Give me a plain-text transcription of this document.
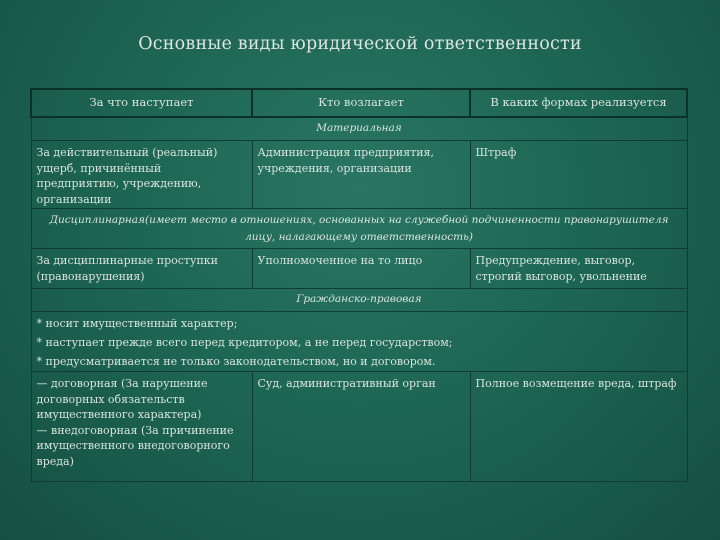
Основные виды юридической ответственности
За что наступает	Кто возлагает	В каких формах реализуется
Материальная		
За действительный (реальный) ущерб, причинённый предприятию, учреждению, организации	Администрация предприятия, учреждения, организации	Штраф
Дисциплинарная(имеет место в отношениях, основанных на служебной подчиненности правонарушителя лицу, налагающему ответственность)		
За дисциплинарные проступки (правонарушения)	Уполномоченное на то лицо	Предупреждение, выговор, строгий выговор, увольнение
Гражданско-правовая		

* носит имущественный характер;
* наступает прежде всего перед кредитором, а не перед государством;
* предусматривается не только законодательством, но и договором.		

— договорная (За нарушение договорных обязательств имущественного характера)
— внедоговорная (За причинение имущественного внедоговорного вреда)	Суд, административный орган	Полное возмещение вреда, штраф
